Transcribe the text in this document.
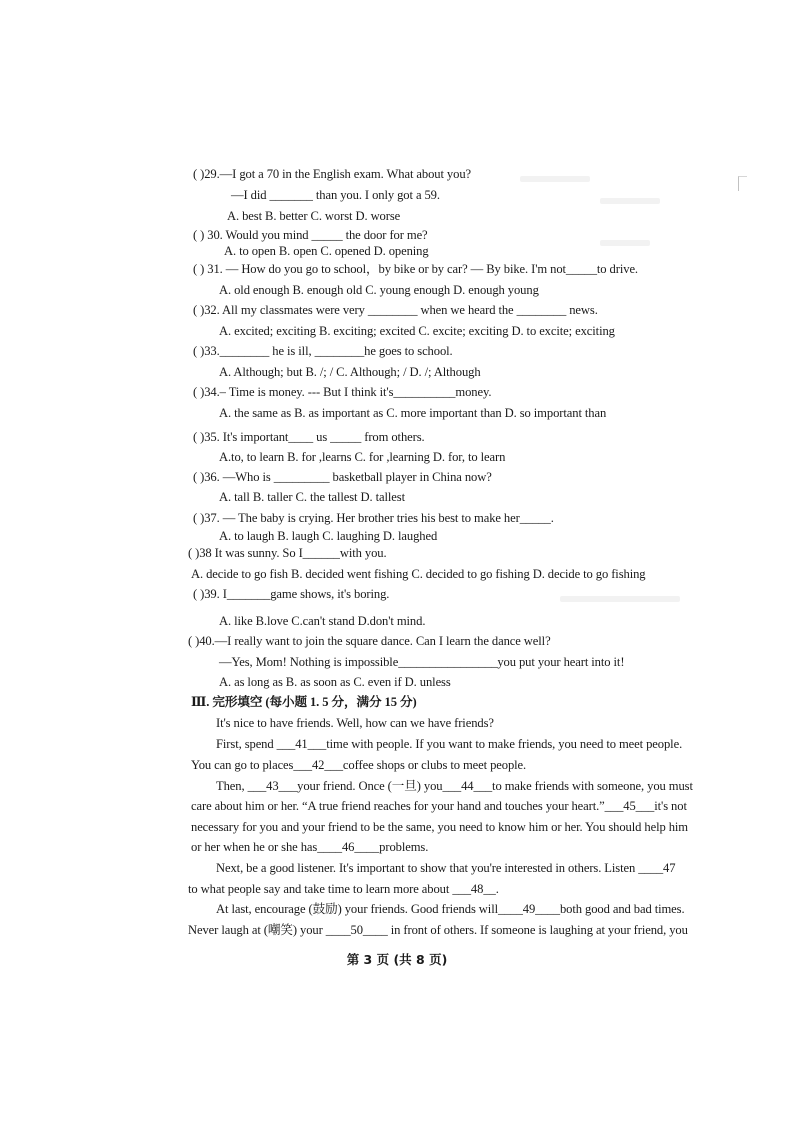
( )29.—I got a 70 in the English exam. What about you?
—I did _______ than you. I only got a 59.
A. best B. better C. worst D. worse
( ) 30. Would you mind _____ the door for me?
A. to open B. open C. opened D. opening
( ) 31. — How do you go to school，by bike or by car? — By bike. I'm not_____to drive.
A. old enough B. enough old C. young enough D. enough young
( )32. All my classmates were very ________ when we heard the ________ news.
A. excited; exciting B. exciting; excited C. excite; exciting D. to excite; exciting
( )33.________ he is ill, ________he goes to school.
A. Although; but B. /; / C. Although; / D. /; Although
( )34.– Time is money. --- But I think it's__________money.
A. the same as B. as important as C. more important than D. so important than
( )35. It's important____ us _____ from others.
A.to, to learn B. for ,learns C. for ,learning D. for, to learn
( )36. —Who is _________ basketball player in China now?
A. tall B. taller C. the tallest D. tallest
( )37. — The baby is crying. Her brother tries his best to make her_____.
A. to laugh B. laugh C. laughing D. laughed
( )38 It was sunny. So I______with you.
A. decide to go fish B. decided went fishing C. decided to go fishing D. decide to go fishing
( )39. I_______game shows, it's boring.
A. like B.love C.can't stand D.don't mind.
( )40.—I really want to join the square dance. Can I learn the dance well?
—Yes, Mom! Nothing is impossible________________you put your heart into it!
A. as long as B. as soon as C. even if D. unless
Ⅲ. 完形填空 (每小题 1. 5 分，满分 15 分)
It's nice to have friends. Well, how can we have friends?
First, spend ___41___time with people. If you want to make friends, you need to meet people.
You can go to places___42___coffee shops or clubs to meet people.
Then, ___43___your friend. Once (一旦) you___44___to make friends with someone, you must
care about him or her. “A true friend reaches for your hand and touches your heart.”___45___it's not
necessary for you and your friend to be the same, you need to know him or her. You should help him
or her when he or she has____46____problems.
Next, be a good listener. It's important to show that you're interested in others. Listen ____47
to what people say and take time to learn more about ___48__.
At last, encourage (鼓励) your friends. Good friends will____49____both good and bad times.
Never laugh at (嘲笑) your ____50____ in front of others. If someone is laughing at your friend, you
第 3 页 (共 8 页)
